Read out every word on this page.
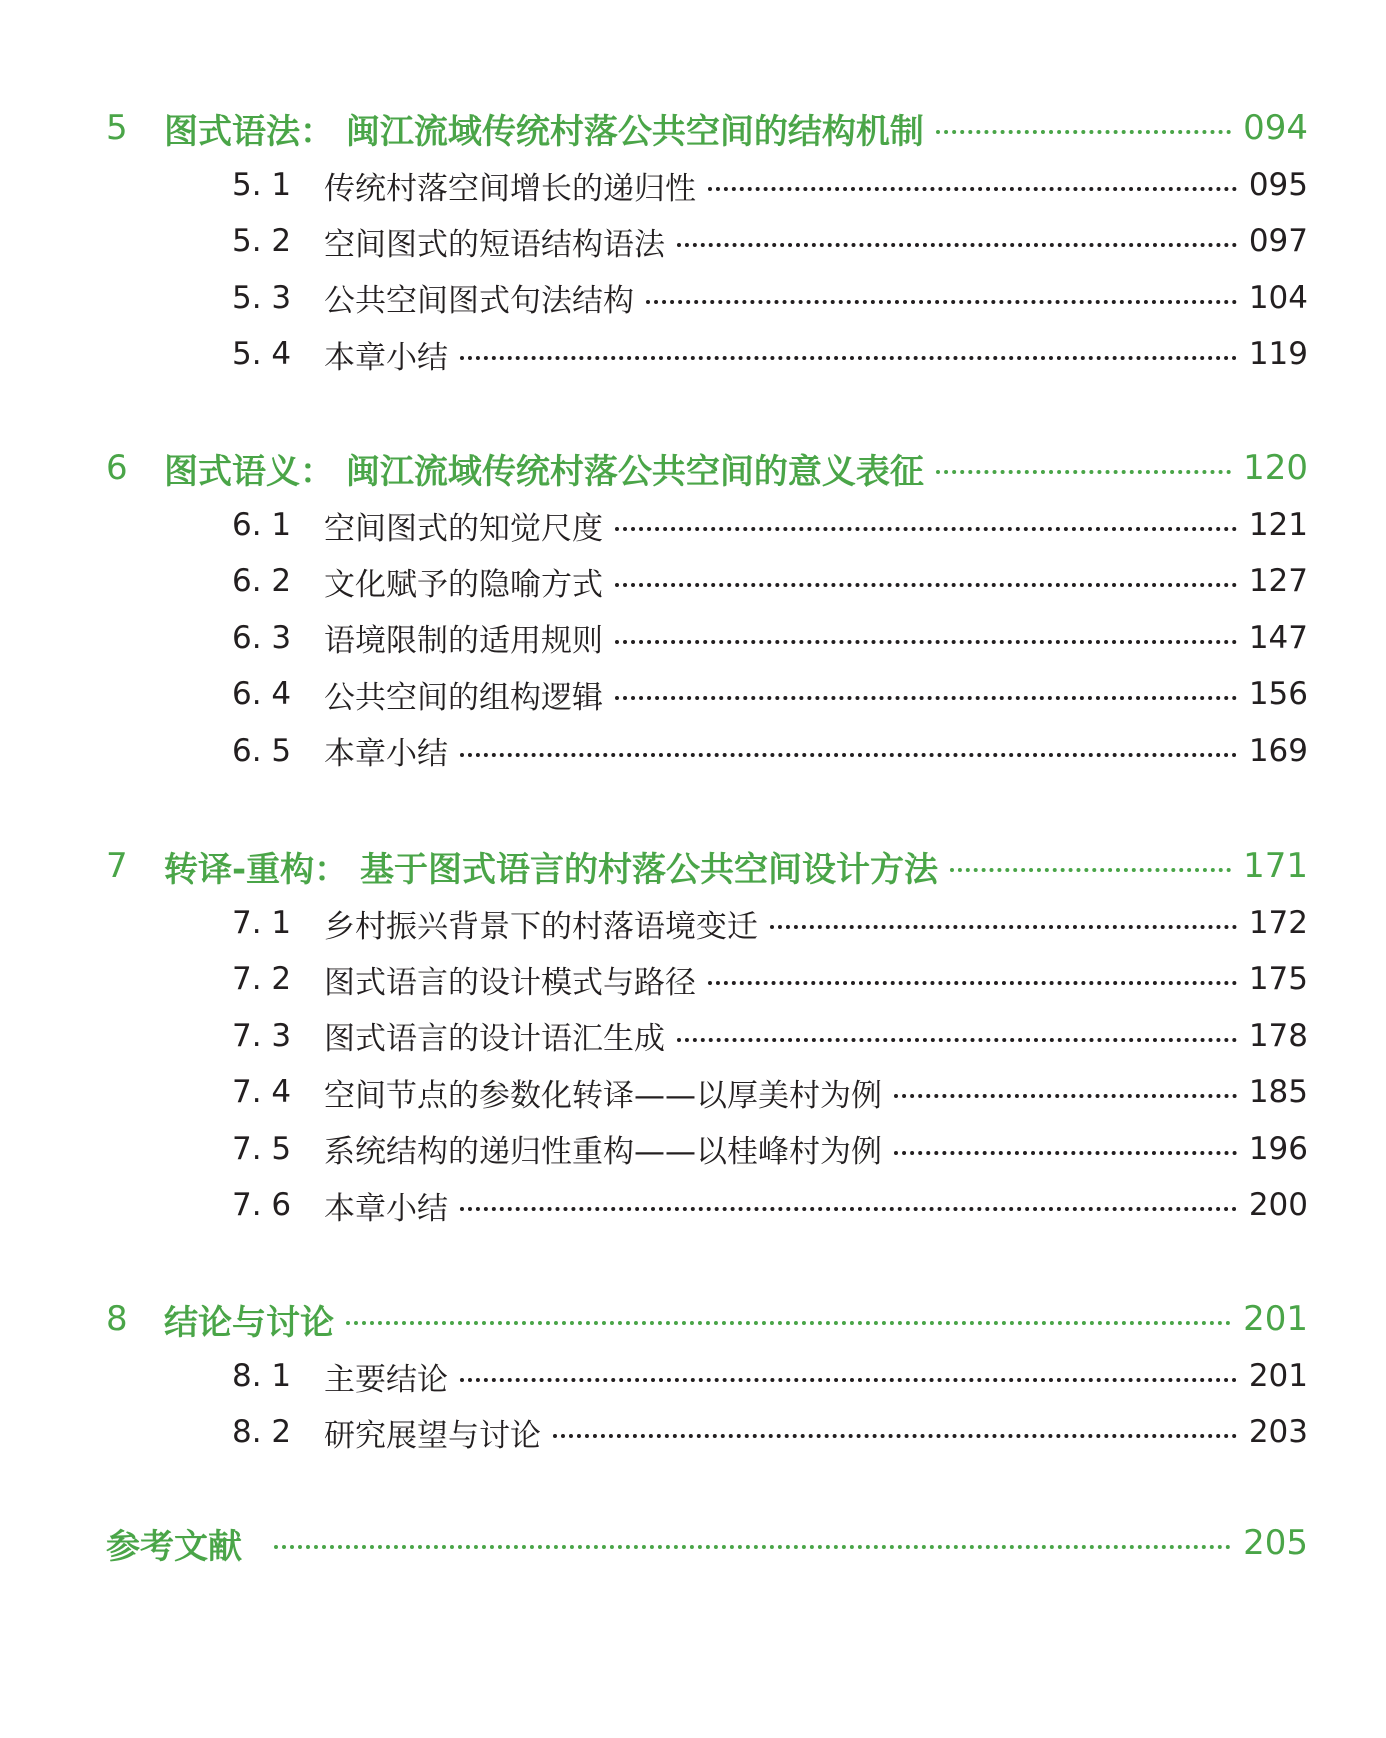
5	图式语法： 闽江流域传统村落公共空间的结构机制	094
5. 1	传统村落空间增长的递归性	095
5. 2	空间图式的短语结构语法	097
5. 3	公共空间图式句法结构	104
5. 4	本章小结	119
6	图式语义： 闽江流域传统村落公共空间的意义表征	120
6. 1	空间图式的知觉尺度	121
6. 2	文化赋予的隐喻方式	127
6. 3	语境限制的适用规则	147
6. 4	公共空间的组构逻辑	156
6. 5	本章小结	169
7	转译-重构： 基于图式语言的村落公共空间设计方法	171
7. 1	乡村振兴背景下的村落语境变迁	172
7. 2	图式语言的设计模式与路径	175
7. 3	图式语言的设计语汇生成	178
7. 4	空间节点的参数化转译——以厚美村为例	185
7. 5	系统结构的递归性重构——以桂峰村为例	196
7. 6	本章小结	200
8	结论与讨论	201
8. 1	主要结论	201
8. 2	研究展望与讨论	203
参考文献	205
